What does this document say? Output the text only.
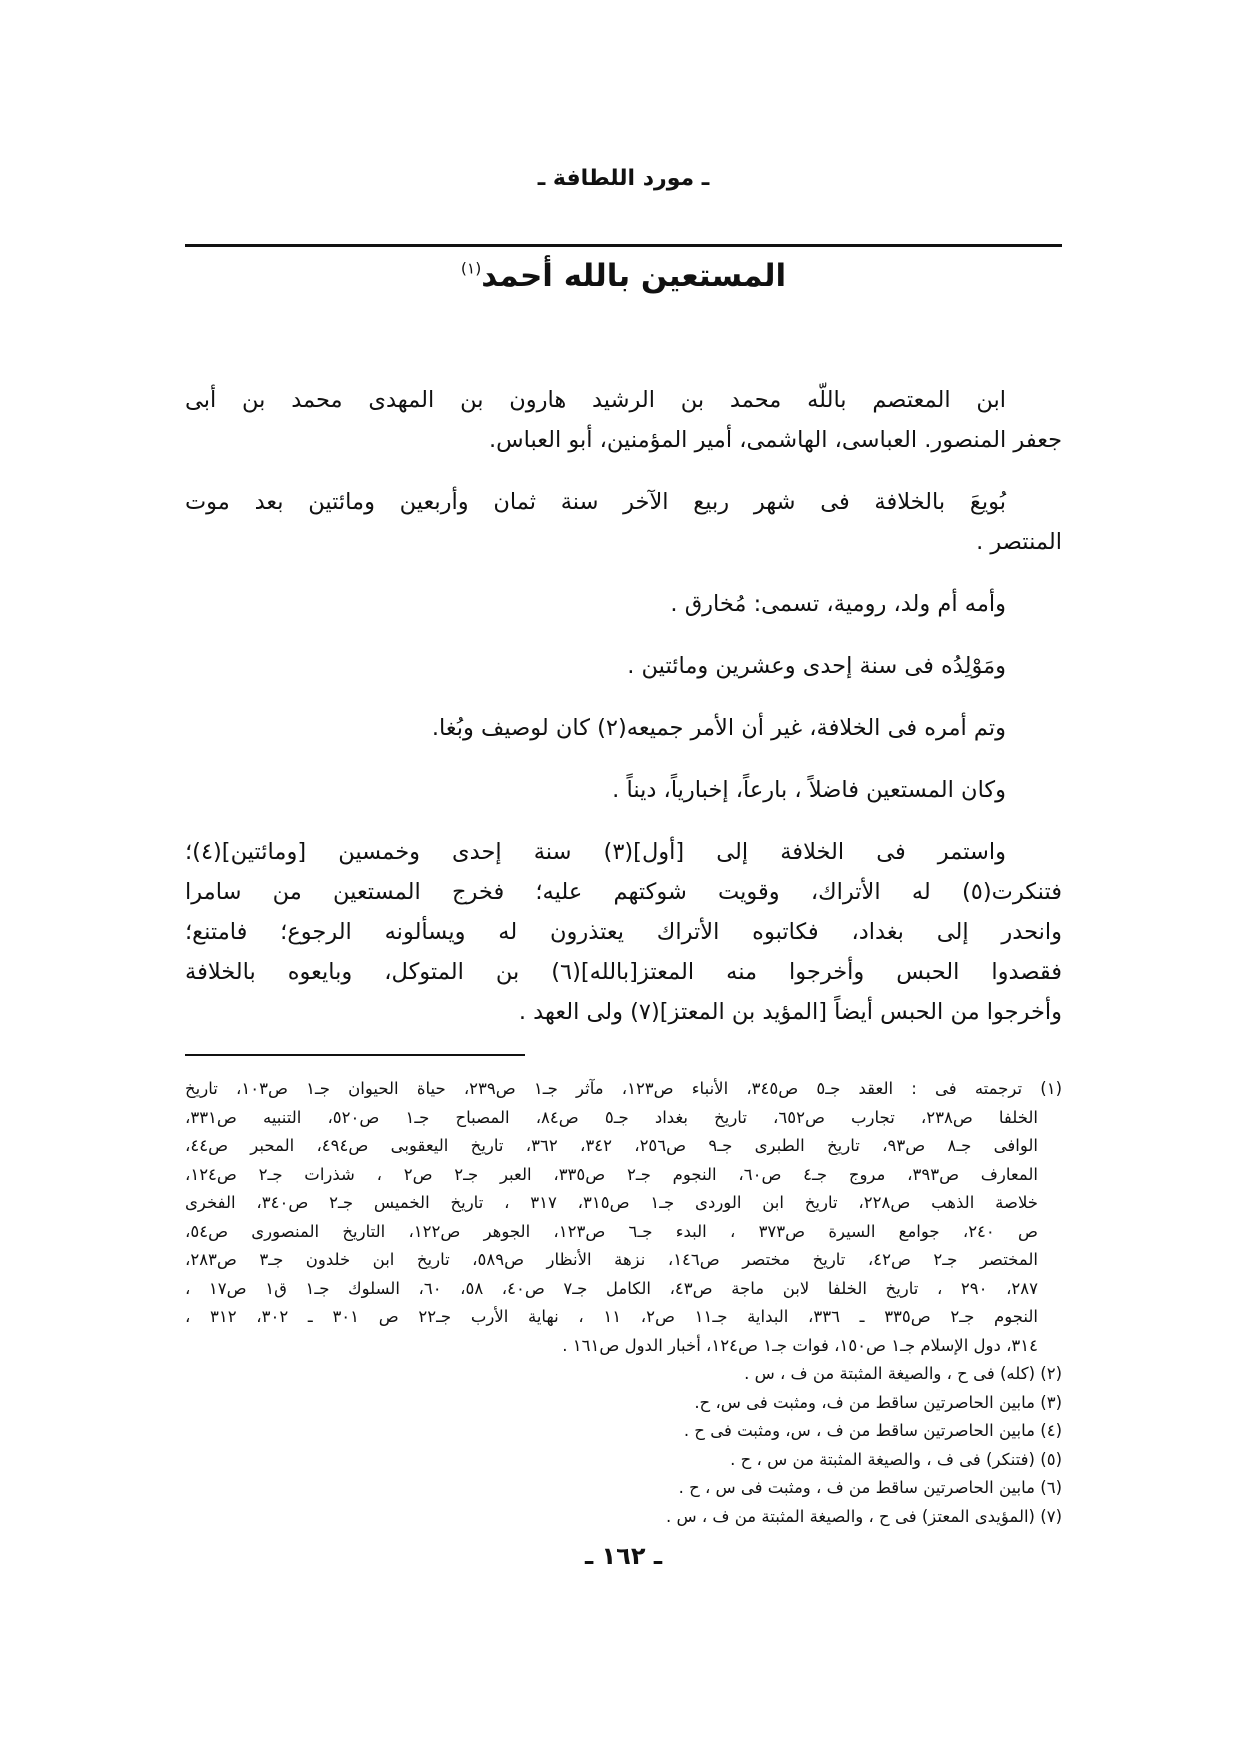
ـ مورد اللطافة ـ
المستعين بالله أحمد$^{(١)}$
ابن المعتصم باللّه محمد بن الرشيد هارون بن المهدى محمد بن أبى
جعفر المنصور. العباسى، الهاشمى، أمير المؤمنين، أبو العباس.
بُويعَ بالخلافة فى شهر ربيع الآخر سنة ثمان وأربعين ومائتين بعد موت
المنتصر .
وأمه أم ولد، رومية، تسمى: مُخارق .
ومَوْلِدُه فى سنة إحدى وعشرين ومائتين .
وتم أمره فى الخلافة، غير أن الأمر جميعه(٢) كان لوصيف وبُغا.
وكان المستعين فاضلاً ، بارعاً، إخبارياً، ديناً .
واستمر فى الخلافة إلى [أول](٣) سنة إحدى وخمسين [ومائتين](٤)؛
فتنكرت(٥) له الأتراك، وقويت شوكتهم عليه؛ فخرج المستعين من سامرا
وانحدر إلى بغداد، فكاتبوه الأتراك يعتذرون له ويسألونه الرجوع؛ فامتنع؛
فقصدوا الحبس وأخرجوا منه المعتز[بالله](٦) بن المتوكل، وبايعوه بالخلافة
وأخرجوا من الحبس أيضاً [المؤيد بن المعتز](٧) ولى العهد .
(١) ترجمته فى : العقد جـ٥ ص٣٤٥، الأنباء ص١٢٣، مآثر جـ١ ص٢٣٩، حياة الحيوان جـ١ ص١٠٣، تاريخ
الخلفا ص٢٣٨، تجارب ص٦٥٢، تاريخ بغداد جـ٥ ص٨٤، المصباح جـ١ ص٥٢٠، التنبيه ص٣٣١،
الوافى جـ٨ ص٩٣، تاريخ الطبرى جـ٩ ص٢٥٦، ٣٤٢، ٣٦٢، تاريخ اليعقوبى ص٤٩٤، المحبر ص٤٤،
المعارف ص٣٩٣، مروج جـ٤ ص٦٠، النجوم جـ٢ ص٣٣٥، العبر جـ٢ ص٢ ، شذرات جـ٢ ص١٢٤،
خلاصة الذهب ص٢٢٨، تاريخ ابن الوردى جـ١ ص٣١٥، ٣١٧ ، تاريخ الخميس جـ٢ ص٣٤٠، الفخرى
ص ٢٤٠، جوامع السيرة ص٣٧٣ ، البدء جـ٦ ص١٢٣، الجوهر ص١٢٢، التاريخ المنصورى ص٥٤،
المختصر جـ٢ ص٤٢، تاريخ مختصر ص١٤٦، نزهة الأنظار ص٥٨٩، تاريخ ابن خلدون جـ٣ ص٢٨٣،
٢٨٧، ٢٩٠ ، تاريخ الخلفا لابن ماجة ص٤٣، الكامل جـ٧ ص٤٠، ٥٨، ٦٠، السلوك جـ١ ق١ ص١٧ ،
النجوم جـ٢ ص٣٣٥ ـ ٣٣٦، البداية جـ١١ ص٢، ١١ ، نهاية الأرب جـ٢٢ ص ٣٠١ ـ ٣٠٢، ٣١٢ ،
٣١٤، دول الإسلام جـ١ ص١٥٠، فوات جـ١ ص١٢٤، أخبار الدول ص١٦١ .
(٢) (كله) فى ح ، والصيغة المثبتة من ف ، س .
(٣) مابين الحاصرتين ساقط من ف، ومثبت فى س، ح.
(٤) مابين الحاصرتين ساقط من ف ، س، ومثبت فى ح .
(٥) (فتنكر) فى ف ، والصيغة المثبتة من س ، ح .
(٦) مابين الحاصرتين ساقط من ف ، ومثبت فى س ، ح .
(٧) (المؤيدى المعتز) فى ح ، والصيغة المثبتة من ف ، س .
ـ ١٦٢ ـ
